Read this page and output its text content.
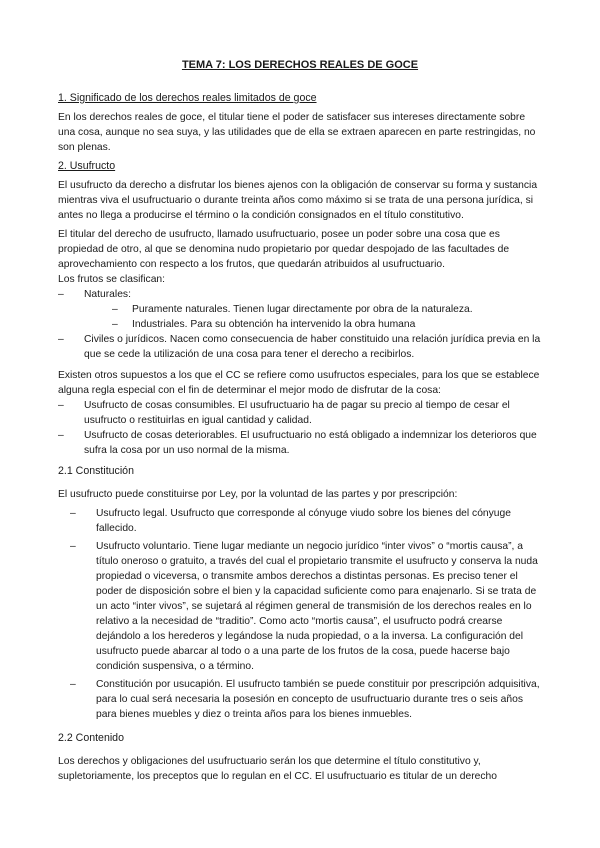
TEMA 7: LOS DERECHOS REALES DE GOCE
1. Significado de los derechos reales limitados de goce

En los derechos reales de goce, el titular tiene el poder de satisfacer sus intereses directamente sobre una cosa, aunque no sea suya, y las utilidades que de ella se extraen aparecen en parte restringidas, no son plenas.

2. Usufructo

El usufructo da derecho a disfrutar los bienes ajenos con la obligación de conservar su forma y sustancia mientras viva el usufructuario o durante treinta años como máximo si se trata de una persona jurídica, si antes no llega a producirse el término o la condición consignados en el título constitutivo.

El titular del derecho de usufructo, llamado usufructuario, posee un poder sobre una cosa que es propiedad de otro, al que se denomina nudo propietario por quedar despojado de las facultades de aprovechamiento con respecto a los frutos, que quedarán atribuidos al usufructuario.

Los frutos se clasifican:

– Naturales:
– Puramente naturales. Tienen lugar directamente por obra de la naturaleza.
– Industriales. Para su obtención ha intervenido la obra humana
– Civiles o jurídicos. Nacen como consecuencia de haber constituido una relación jurídica previa en la que se cede la utilización de una cosa para tener el derecho a recibirlos.

Existen otros supuestos a los que el CC se refiere como usufructos especiales, para los que se establece alguna regla especial con el fin de determinar el mejor modo de disfrutar de la cosa:

– Usufructo de cosas consumibles. El usufructuario ha de pagar su precio al tiempo de cesar el usufructo o restituirlas en igual cantidad y calidad.
– Usufructo de cosas deteriorables. El usufructuario no está obligado a indemnizar los deterioros que sufra la cosa por un uso normal de la misma.
2.1 Constitución

El usufructo puede constituirse por Ley, por la voluntad de las partes y por prescripción:

– Usufructo legal. Usufructo que corresponde al cónyuge viudo sobre los bienes del cónyuge fallecido.
– Usufructo voluntario. Tiene lugar mediante un negocio jurídico “inter vivos” o “mortis causa”, a título oneroso o gratuito, a través del cual el propietario transmite el usufructo y conserva la nuda propiedad o viceversa, o transmite ambos derechos a distintas personas. Es preciso tener el poder de disposición sobre el bien y la capacidad suficiente como para enajenarlo. Si se trata de un acto “inter vivos”, se sujetará al régimen general de transmisión de los derechos reales en lo relativo a la necesidad de “traditio”. Como acto “mortis causa”, el usufructo podrá crearse dejándolo a los herederos y legándose la nuda propiedad, o a la inversa. La configuración del usufructo puede abarcar al todo o a una parte de los frutos de la cosa, puede hacerse bajo condición suspensiva, o a término.
– Constitución por usucapión. El usufructo también se puede constituir por prescripción adquisitiva, para lo cual será necesaria la posesión en concepto de usufructuario durante tres o seis años para bienes muebles y diez o treinta años para los bienes inmuebles.
2.2 Contenido

Los derechos y obligaciones del usufructuario serán los que determine el título constitutivo y, supletoriamente, los preceptos que lo regulan en el CC. El usufructuario es titular de un derecho
